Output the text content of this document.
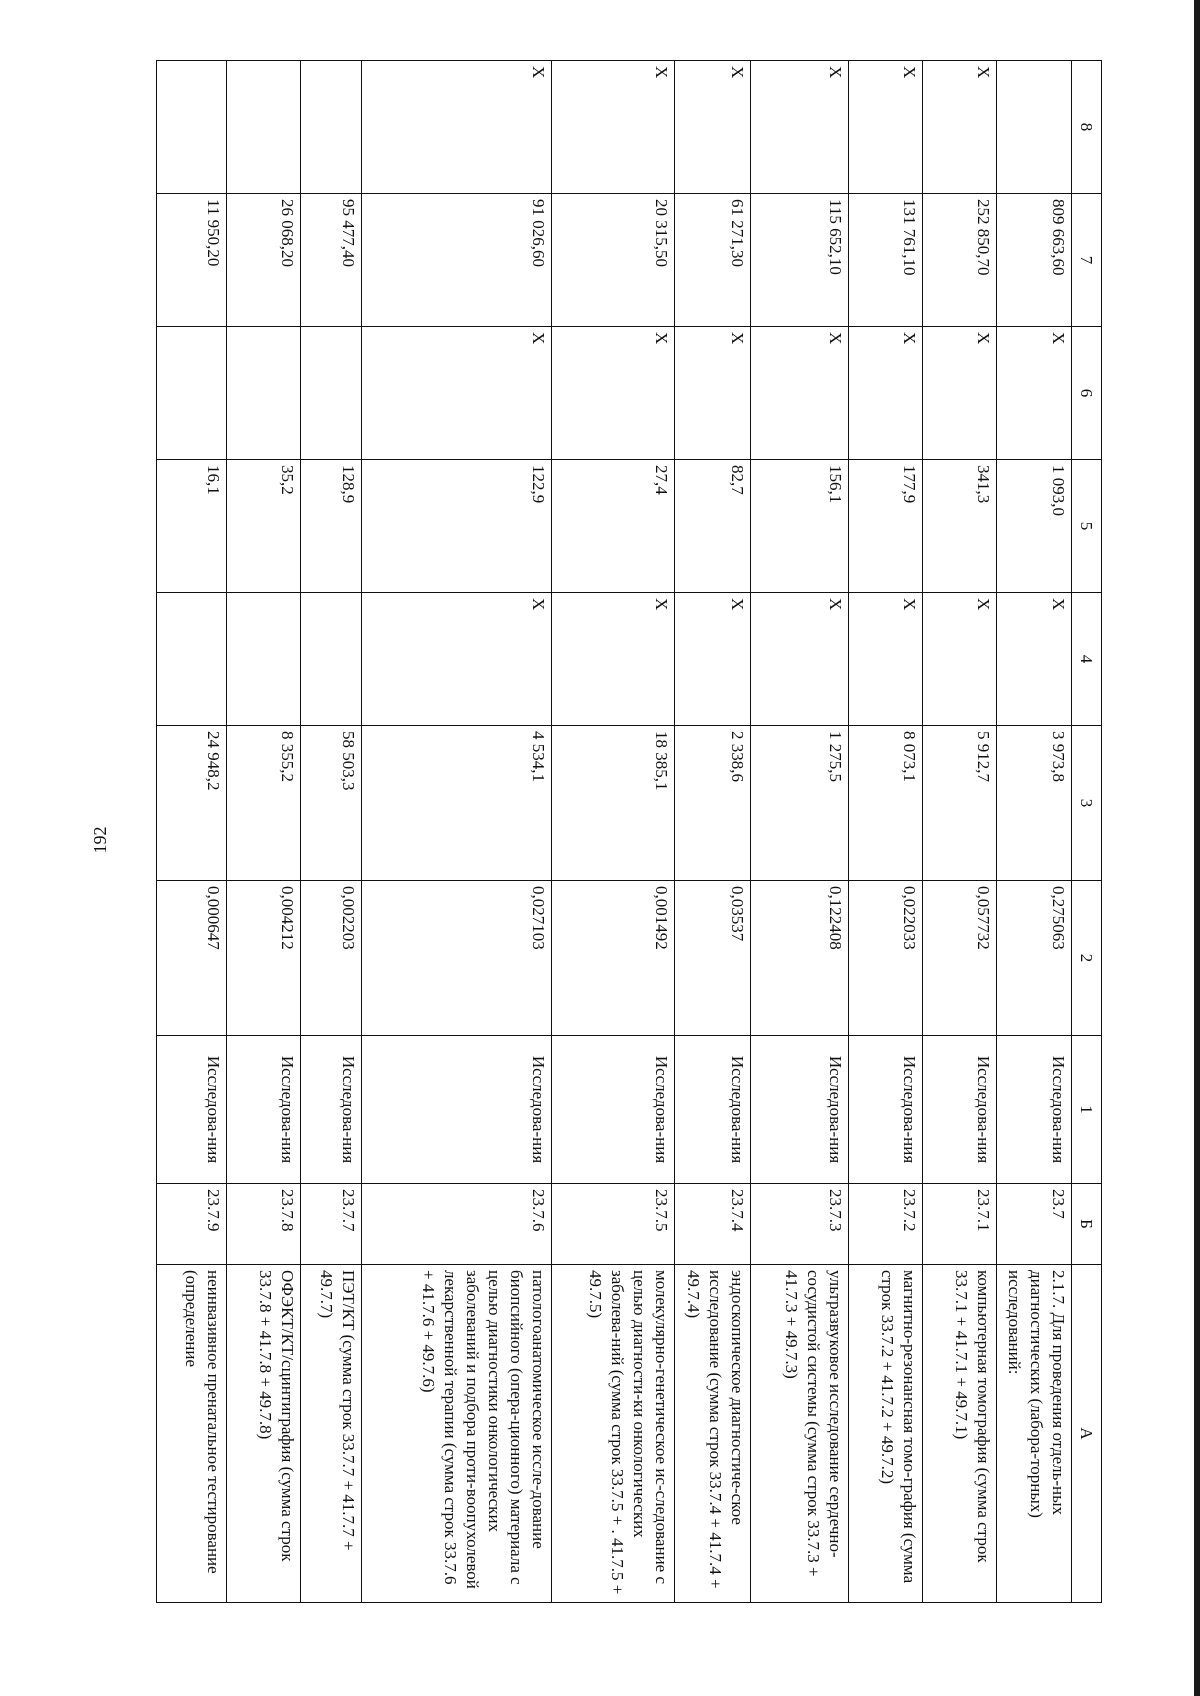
192
8	7	6	5	4	3	2	1	Б	А
	809 663,60	X	1 093,0	X	3 973,8	0,275063	Исследова-ния	23.7	2.1.7. Для проведения отдель-ных диагностических (лабора-торных) исследований:
X	252 850,70	X	341,3	X	5 912,7	0,057732	Исследова-ния	23.7.1	компьютерная томография (сумма строк 33.7.1 + 41.7.1 + 49.7.1)
X	131 761,10	X	177,9	X	8 073,1	0,022033	Исследова-ния	23.7.2	магнитно-резонансная томо-графия (сумма строк 33.7.2 + 41.7.2 + 49.7.2)
X	115 652,10	X	156,1	X	1 275,5	0,122408	Исследова-ния	23.7.3	ультразвуковое исследование сердечно-сосудистой системы (сумма строк 33.7.3 + 41.7.3 + 49.7.3)
X	61 271,30	X	82,7	X	2 338,6	0,03537	Исследова-ния	23.7.4	эндоскопическое диагностиче-ское исследование (сумма строк 33.7.4 + 41.7.4 + 49.7.4)
X	20 315,50	X	27,4	X	18 385,1	0,001492	Исследова-ния	23.7.5	молекулярно-генетическое ис-следование с целью диагности-ки онкологических заболева-ний (сумма строк 33.7.5 + . 41.7.5 + 49.7.5)
X	91 026,60	X	122,9	X	4 534,1	0,027103	Исследова-ния	23.7.6	патологоанатомическое иссле-дование биопсийного (опера-ционного) материала с целью диагностики онкологических заболеваний и подбора проти-воопухолевой лекарственной терапии (сумма строк 33.7.6 + 41.7.6 + 49.7.6)
	95 477,40		128,9		58 503,3	0,002203	Исследова-ния	23.7.7	ПЭТ/КТ (сумма строк 33.7.7 + 41.7.7 + 49.7.7)
	26 068,20		35,2		8 355,2	0,004212	Исследова-ния	23.7.8	ОФЭКТ/КТ/сцинтиграфия (сумма строк 33.7.8 + 41.7.8 + 49.7.8)
	11 950,20		16,1		24 948,2	0,000647	Исследова-ния	23.7.9	неинвазивное пренатальное тестирование (определение
